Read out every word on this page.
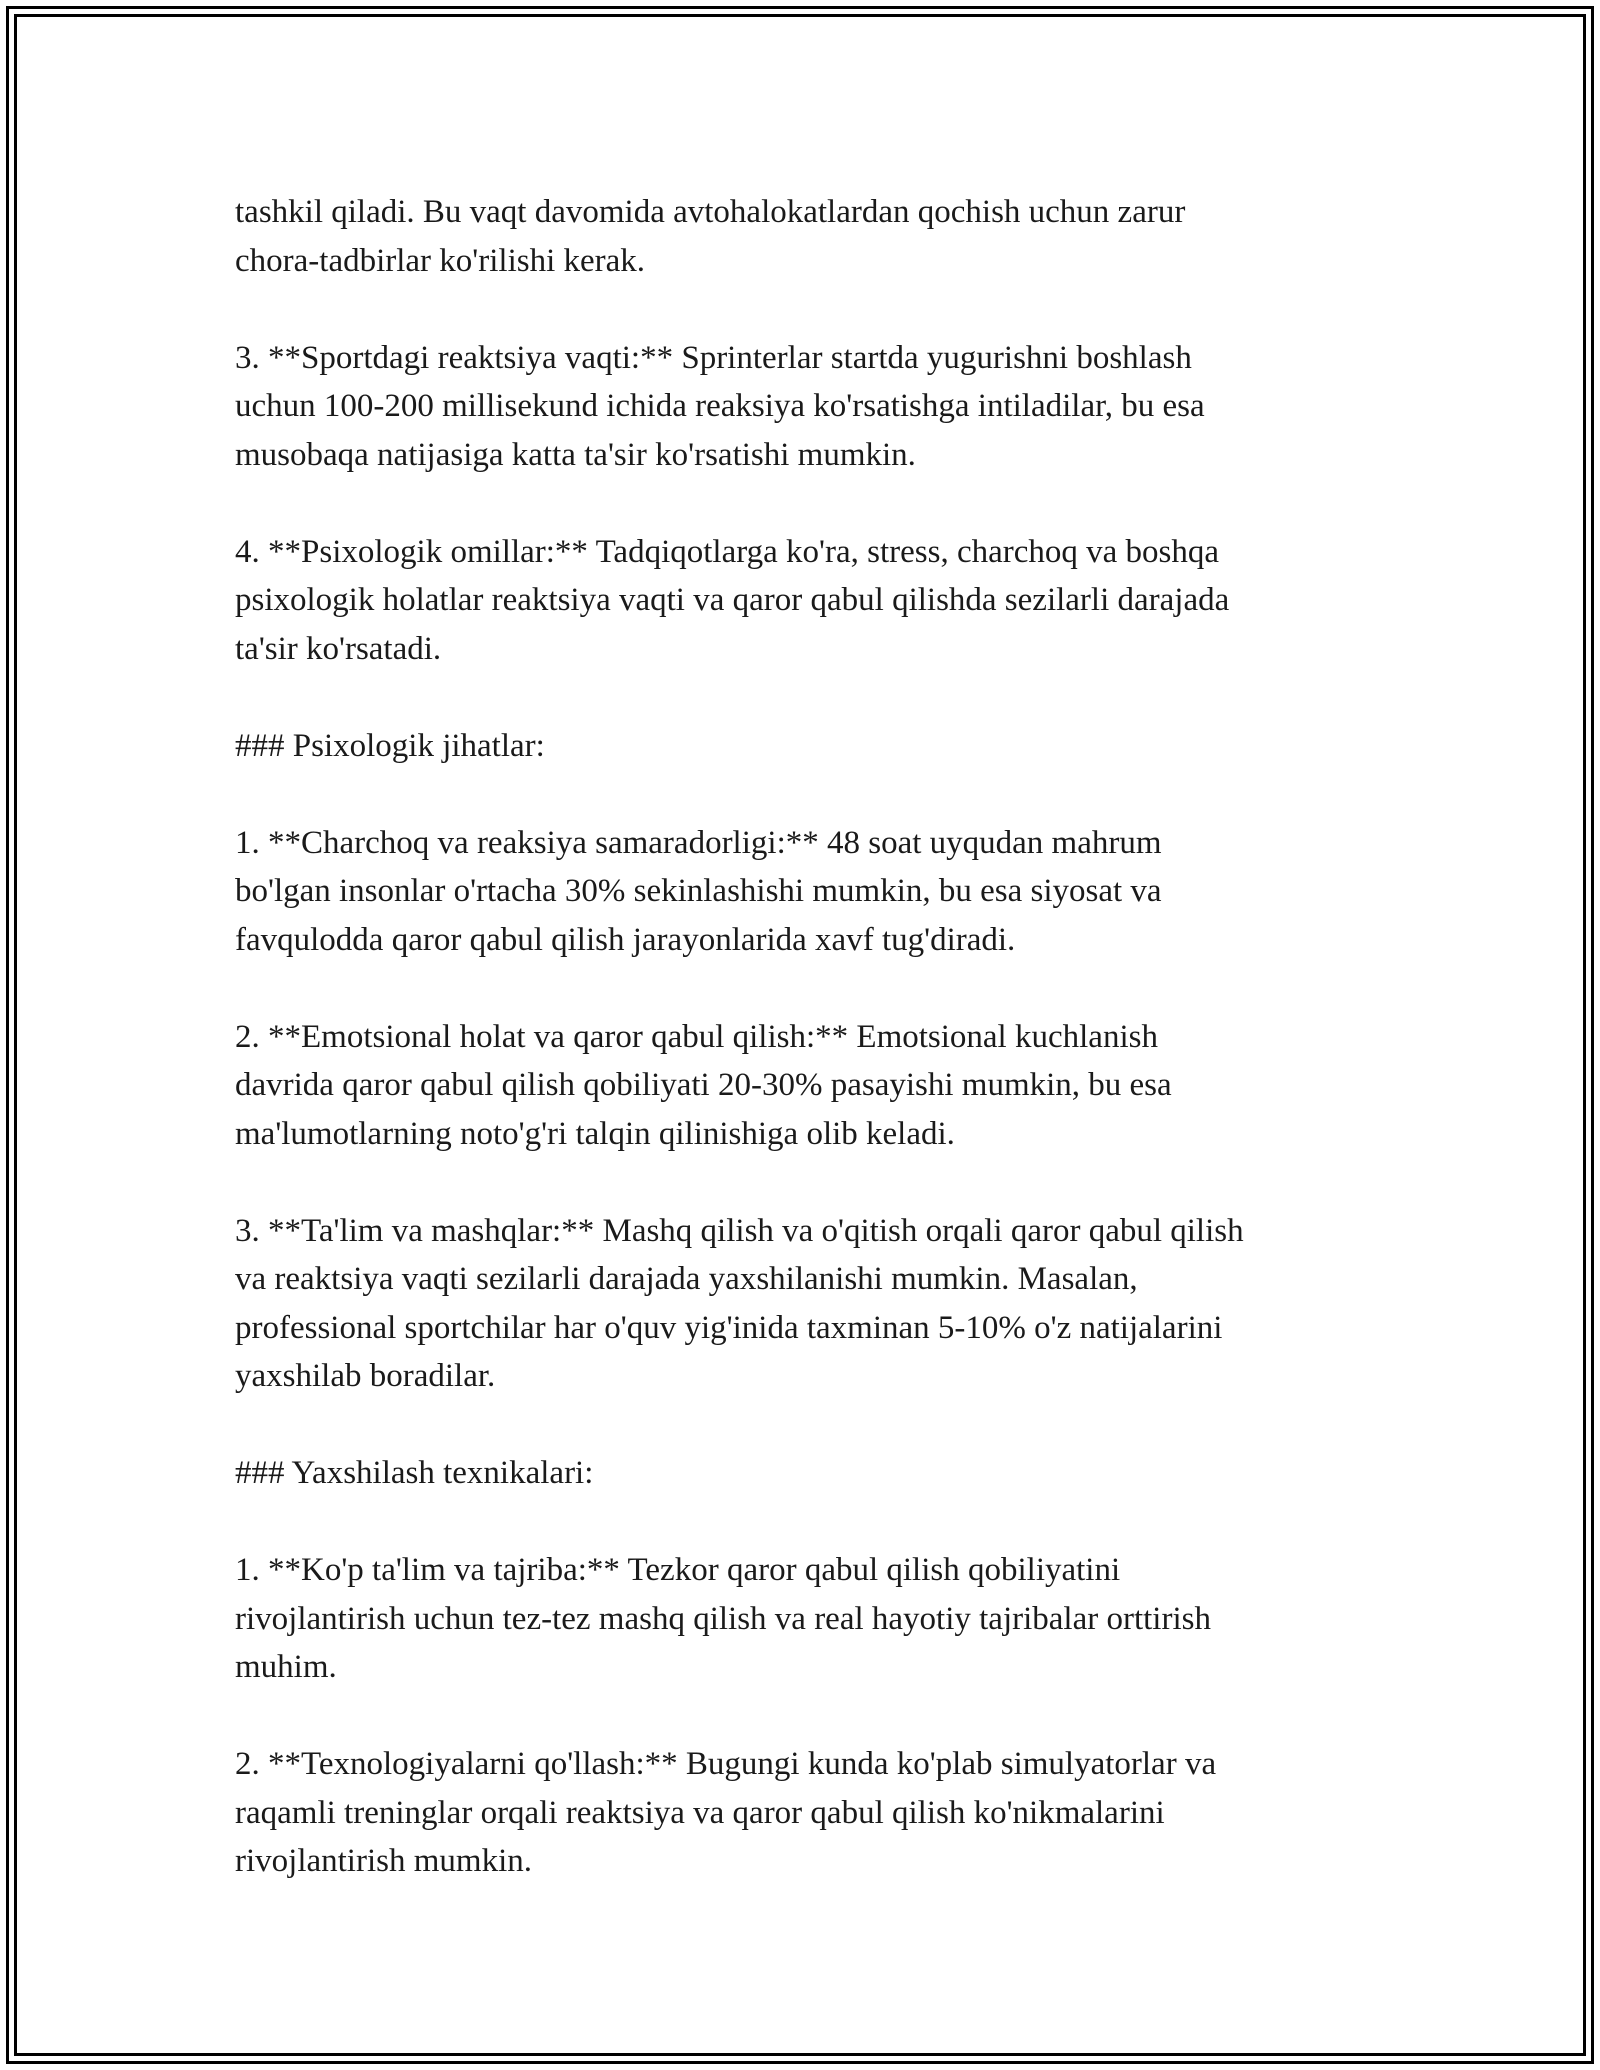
tashkil qiladi. Bu vaqt davomida avtohalokatlardan qochish uchun zarur
chora-tadbirlar ko'rilishi kerak.

3. **Sportdagi reaktsiya vaqti:** Sprinterlar startda yugurishni boshlash
uchun 100-200 millisekund ichida reaksiya ko'rsatishga intiladilar, bu esa
musobaqa natijasiga katta ta'sir ko'rsatishi mumkin.

4. **Psixologik omillar:** Tadqiqotlarga ko'ra, stress, charchoq va boshqa
psixologik holatlar reaktsiya vaqti va qaror qabul qilishda sezilarli darajada
ta'sir ko'rsatadi.

### Psixologik jihatlar:

1. **Charchoq va reaksiya samaradorligi:** 48 soat uyqudan mahrum
bo'lgan insonlar o'rtacha 30% sekinlashishi mumkin, bu esa siyosat va
favqulodda qaror qabul qilish jarayonlarida xavf tug'diradi.

2. **Emotsional holat va qaror qabul qilish:** Emotsional kuchlanish
davrida qaror qabul qilish qobiliyati 20-30% pasayishi mumkin, bu esa
ma'lumotlarning noto'g'ri talqin qilinishiga olib keladi.

3. **Ta'lim va mashqlar:** Mashq qilish va o'qitish orqali qaror qabul qilish
va reaktsiya vaqti sezilarli darajada yaxshilanishi mumkin. Masalan,
professional sportchilar har o'quv yig'inida taxminan 5-10% o'z natijalarini
yaxshilab boradilar.

### Yaxshilash texnikalari:

1. **Ko'p ta'lim va tajriba:** Tezkor qaror qabul qilish qobiliyatini
rivojlantirish uchun tez-tez mashq qilish va real hayotiy tajribalar orttirish
muhim.

2. **Texnologiyalarni qo'llash:** Bugungi kunda ko'plab simulyatorlar va
raqamli treninglar orqali reaktsiya va qaror qabul qilish ko'nikmalarini
rivojlantirish mumkin.
